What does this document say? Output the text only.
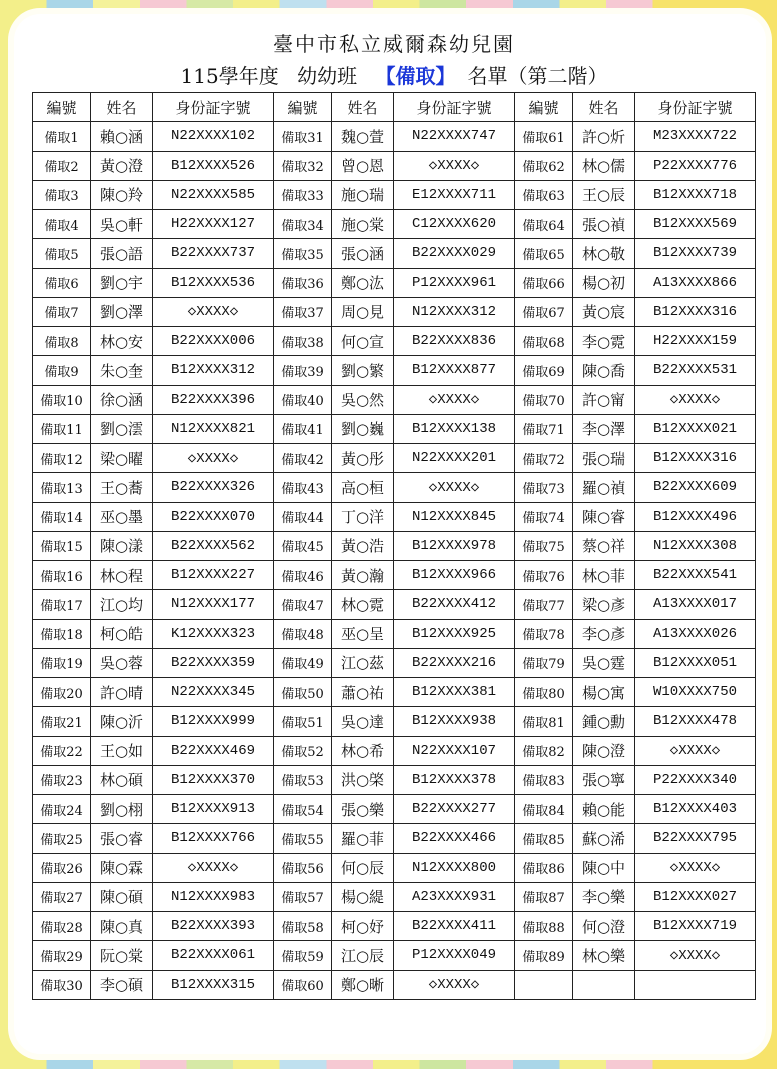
臺中市私立威爾森幼兒園
115學年度 幼幼班 【備取】 名單（第二階）
編號	姓名	身份証字號	編號	姓名	身份証字號	編號	姓名	身份証字號
備取1	賴○涵	N22XXXX102	備取31	魏○萱	N22XXXX747	備取61	許○炘	M23XXXX722
備取2	黃○澄	B12XXXX526	備取32	曾○恩	◇XXXX◇	備取62	林○儒	P22XXXX776
備取3	陳○羚	N22XXXX585	備取33	施○瑞	E12XXXX711	備取63	王○辰	B12XXXX718
備取4	吳○軒	H22XXXX127	備取34	施○棠	C12XXXX620	備取64	張○禎	B12XXXX569
備取5	張○語	B22XXXX737	備取35	張○涵	B22XXXX029	備取65	林○敬	B12XXXX739
備取6	劉○宇	B12XXXX536	備取36	鄭○汯	P12XXXX961	備取66	楊○初	A13XXXX866
備取7	劉○澤	◇XXXX◇	備取37	周○見	N12XXXX312	備取67	黃○宸	B12XXXX316
備取8	林○安	B22XXXX006	備取38	何○宣	B22XXXX836	備取68	李○霓	H22XXXX159
備取9	朱○奎	B12XXXX312	備取39	劉○繁	B12XXXX877	備取69	陳○喬	B22XXXX531
備取10	徐○涵	B22XXXX396	備取40	吳○然	◇XXXX◇	備取70	許○甯	◇XXXX◇
備取11	劉○澐	N12XXXX821	備取41	劉○巍	B12XXXX138	備取71	李○澤	B12XXXX021
備取12	梁○曜	◇XXXX◇	備取42	黃○彤	N22XXXX201	備取72	張○瑞	B12XXXX316
備取13	王○蕎	B22XXXX326	備取43	高○桓	◇XXXX◇	備取73	羅○禎	B22XXXX609
備取14	巫○墨	B22XXXX070	備取44	丁○洋	N12XXXX845	備取74	陳○睿	B12XXXX496
備取15	陳○漾	B22XXXX562	備取45	黃○浩	B12XXXX978	備取75	蔡○祥	N12XXXX308
備取16	林○程	B12XXXX227	備取46	黃○瀚	B12XXXX966	備取76	林○菲	B22XXXX541
備取17	江○均	N12XXXX177	備取47	林○霓	B22XXXX412	備取77	梁○彥	A13XXXX017
備取18	柯○皓	K12XXXX323	備取48	巫○呈	B12XXXX925	備取78	李○彥	A13XXXX026
備取19	吳○蓉	B22XXXX359	備取49	江○茲	B22XXXX216	備取79	吳○霆	B12XXXX051
備取20	許○晴	N22XXXX345	備取50	蕭○祐	B12XXXX381	備取80	楊○寓	W10XXXX750
備取21	陳○沂	B12XXXX999	備取51	吳○達	B12XXXX938	備取81	鍾○勳	B12XXXX478
備取22	王○如	B22XXXX469	備取52	林○希	N22XXXX107	備取82	陳○澄	◇XXXX◇
備取23	林○碩	B12XXXX370	備取53	洪○棨	B12XXXX378	備取83	張○寧	P22XXXX340
備取24	劉○栩	B12XXXX913	備取54	張○樂	B22XXXX277	備取84	賴○能	B12XXXX403
備取25	張○睿	B12XXXX766	備取55	羅○菲	B22XXXX466	備取85	蘇○浠	B22XXXX795
備取26	陳○霖	◇XXXX◇	備取56	何○辰	N12XXXX800	備取86	陳○中	◇XXXX◇
備取27	陳○碩	N12XXXX983	備取57	楊○緹	A23XXXX931	備取87	李○樂	B12XXXX027
備取28	陳○真	B22XXXX393	備取58	柯○妤	B22XXXX411	備取88	何○澄	B12XXXX719
備取29	阮○棠	B22XXXX061	備取59	江○辰	P12XXXX049	備取89	林○樂	◇XXXX◇
備取30	李○碩	B12XXXX315	備取60	鄭○晰	◇XXXX◇			
